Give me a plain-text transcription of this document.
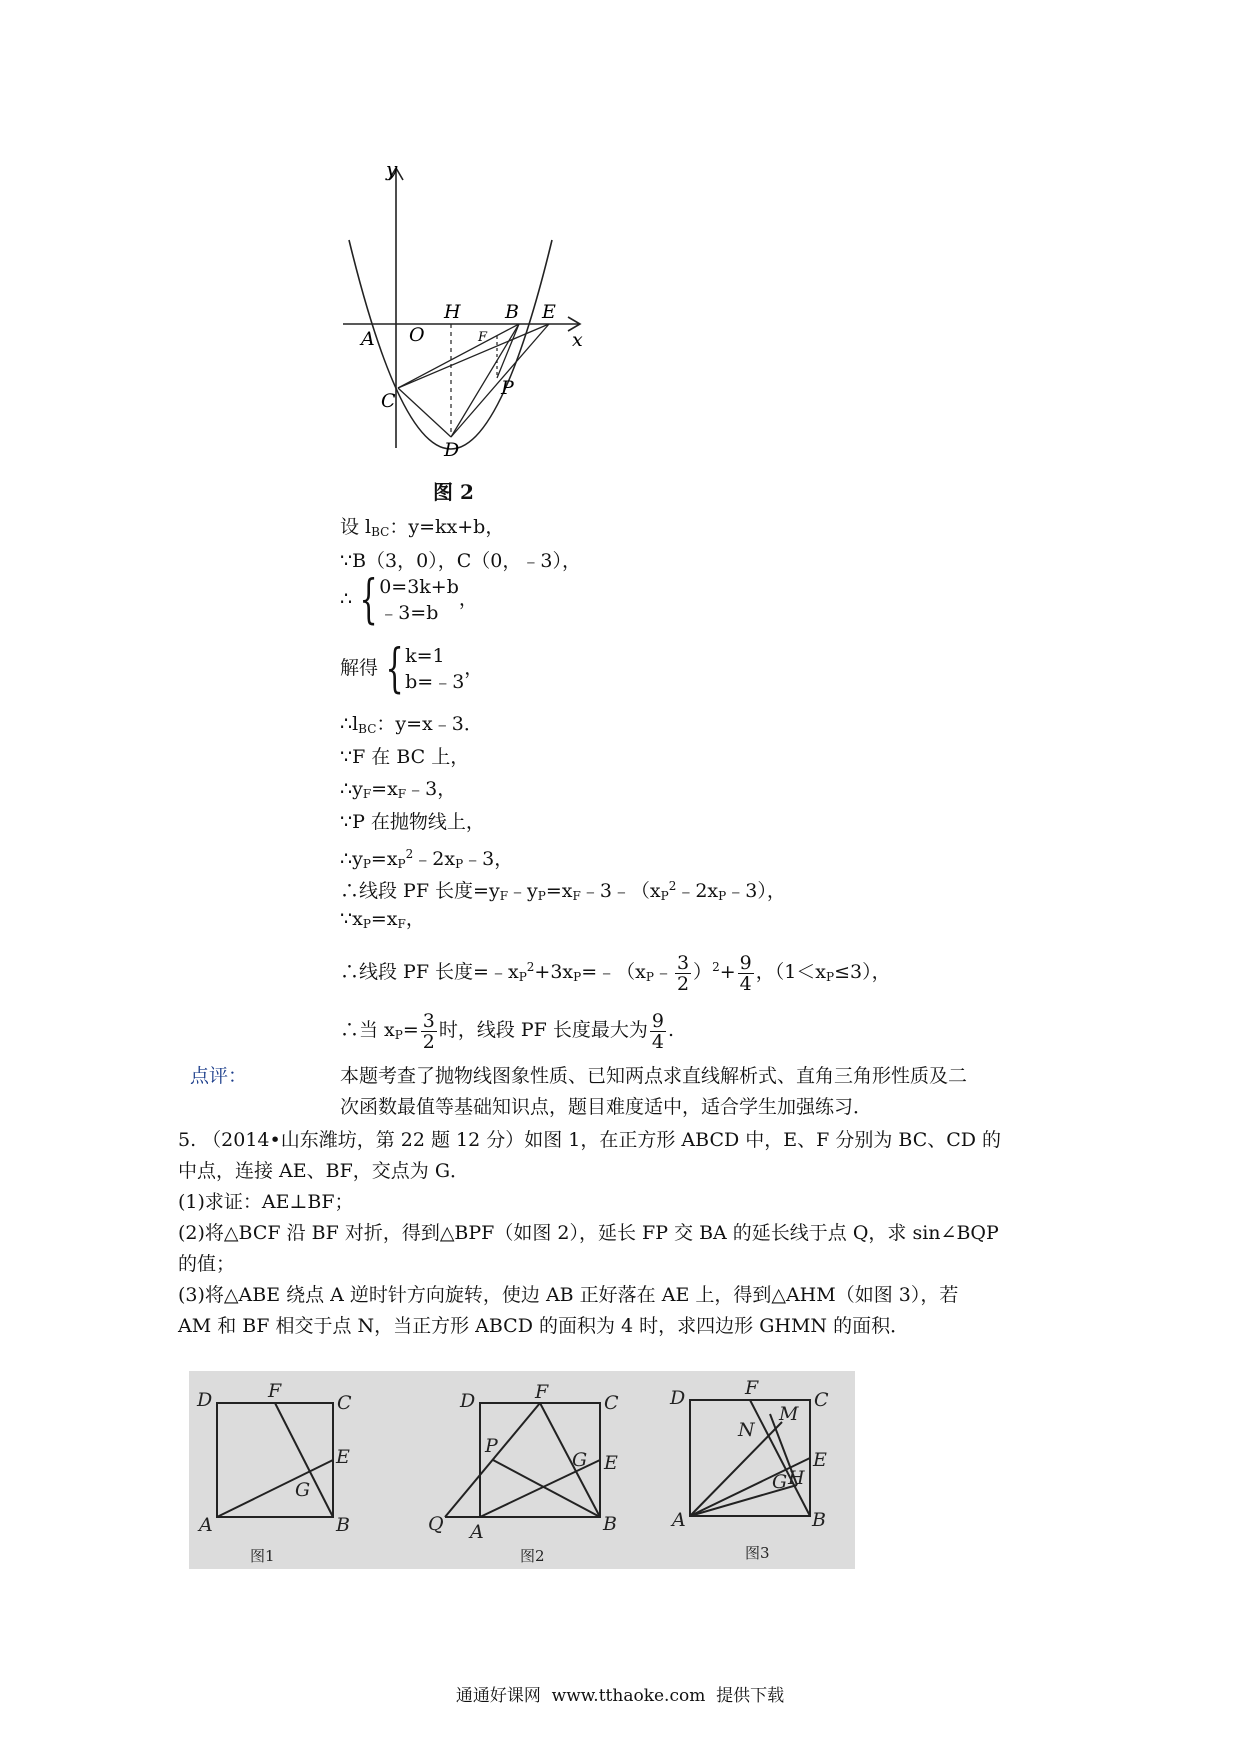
y
x
A O
H B E
F
C
P
D
图 2
设 $l_{BC}$：y=kx+b，
∵B（3，0），C（0，﹣3），
∴ {0=3k+b
﹣3=b，
解得 {k=1
b=﹣3，
$\therefore l_{BC}$：y=x﹣3．
∵F 在 BC 上，
$\therefore y_F=x_F﹣3$，
∵P 在抛物线上，
$\therefore y_P=x_P^2﹣2x_P﹣3$，
∴线段 PF 长度$=y_F﹣y_P=x_F﹣3﹣(x_P^2﹣2x_P﹣3)$，
$\because x_P=x_F$，
∴线段 PF 长度$=﹣x_P^2+3x_P=﹣(x_P﹣ \frac{3}{2} )^2+ \frac{9}{4}$ ，$(1<x_P\le 3)$，
∴当 $x_P= \frac{3}{2}$ 时，线段 PF 长度最大为 $\frac{9}{4}$ .
点评：	本题考查了抛物线图象性质、已知两点求直线解析式、直角三角形性质及二
次函数最值等基础知识点，题目难度适中，适合学生加强练习．
5. （2014•山东潍坊，第 22 题 12 分）如图 1，在正方形 ABCD 中，E、F 分别为 BC、CD 的
中点，连接 AE、BF，交点为 G．
(1)求证：AE⊥BF；
(2)将△BCF 沿 BF 对折，得到△BPF（如图 2），延长 FP 交 BA 的延长线于点 Q，求 sin∠BQP
的值；
(3)将△ABE 绕点 A 逆时针方向旋转，使边 AB 正好落在 AE 上，得到△AHM（如图 3），若
AM 和 BF 相交于点 N，当正方形 ABCD 的面积为 4 时，求四边形 GHMN 的面积．
D	F
C
E
G
A	B
图1
D	F	C
P
G E
Q A	B
图2
D	F
C
M
N
E
G H
A	B
图3
通通好课网  www.tthaoke.com  提供下载
